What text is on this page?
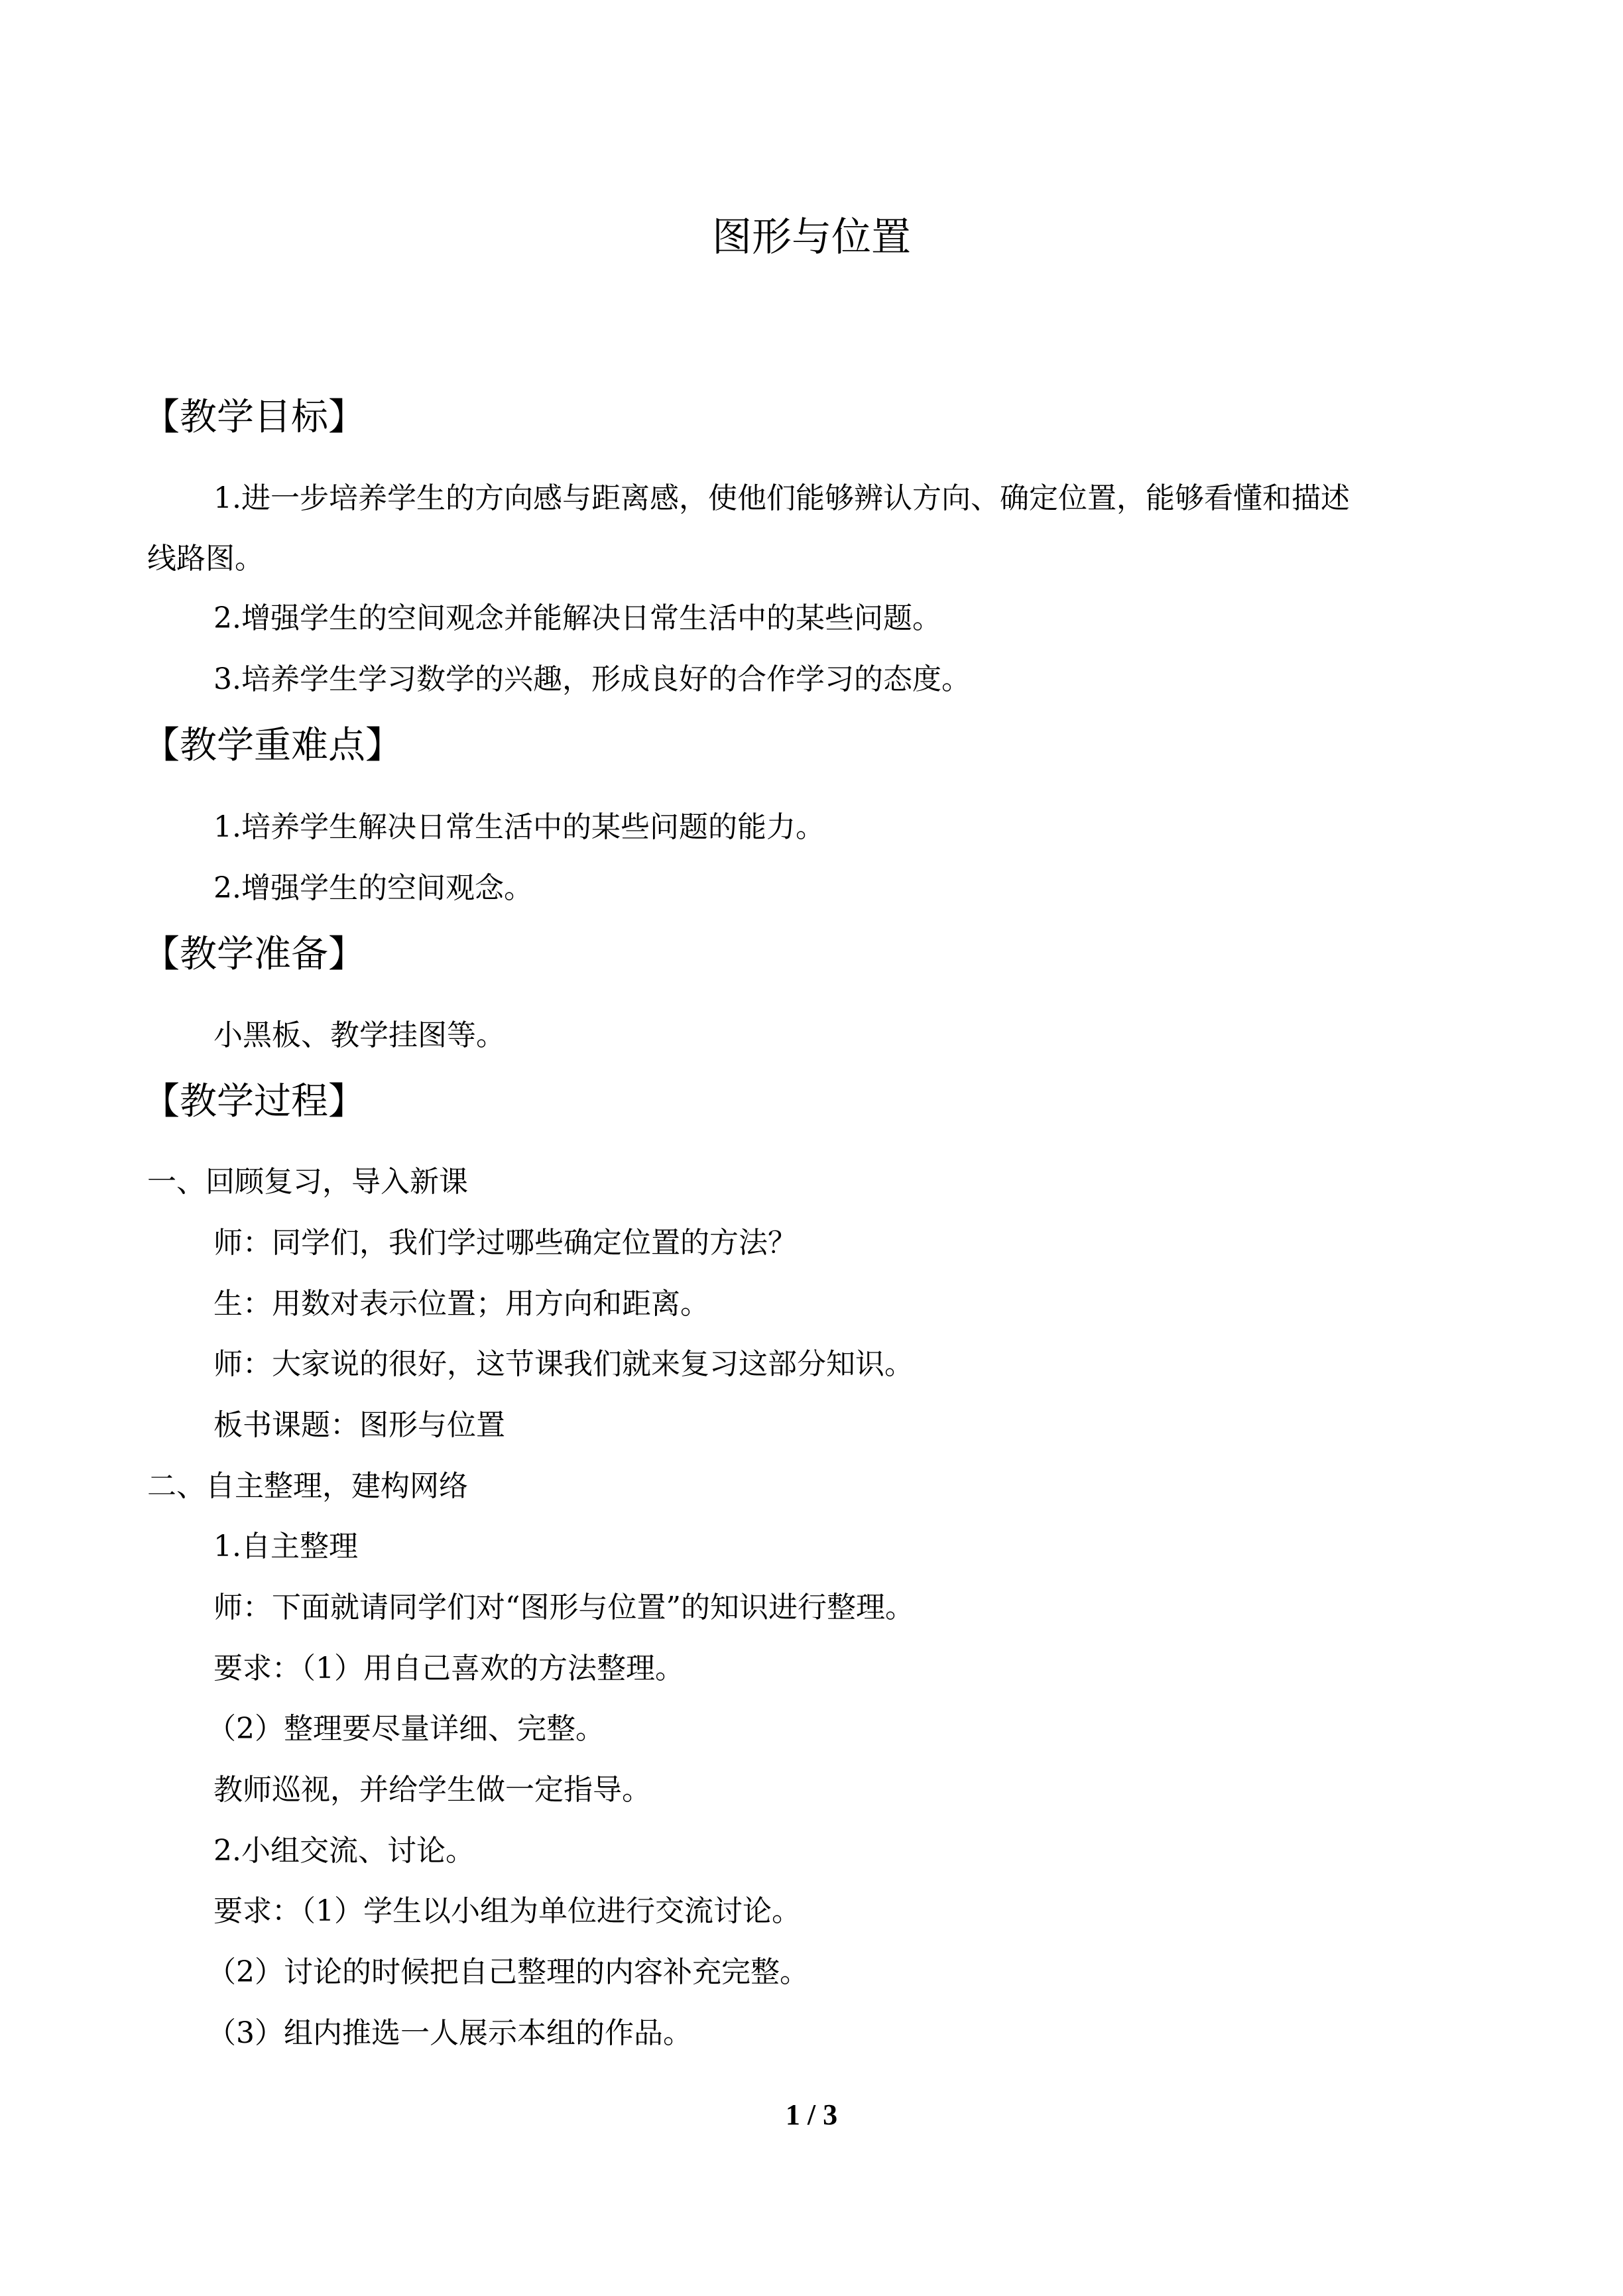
图形与位置
【教学目标】
1.进一步培养学生的方向感与距离感，使他们能够辨认方向、确定位置，能够看懂和描述
线路图。
2.增强学生的空间观念并能解决日常生活中的某些问题。
3.培养学生学习数学的兴趣，形成良好的合作学习的态度。
【教学重难点】
1.培养学生解决日常生活中的某些问题的能力。
2.增强学生的空间观念。
【教学准备】
小黑板、教学挂图等。
【教学过程】
一、回顾复习，导入新课
师：同学们，我们学过哪些确定位置的方法？
生：用数对表示位置；用方向和距离。
师：大家说的很好，这节课我们就来复习这部分知识。
板书课题：图形与位置
二、自主整理，建构网络
1.自主整理
师：下面就请同学们对“图形与位置”的知识进行整理。
要求：（1）用自己喜欢的方法整理。
（2）整理要尽量详细、完整。
教师巡视，并给学生做一定指导。
2.小组交流、讨论。
要求：（1）学生以小组为单位进行交流讨论。
（2）讨论的时候把自己整理的内容补充完整。
（3）组内推选一人展示本组的作品。
1 / 3
